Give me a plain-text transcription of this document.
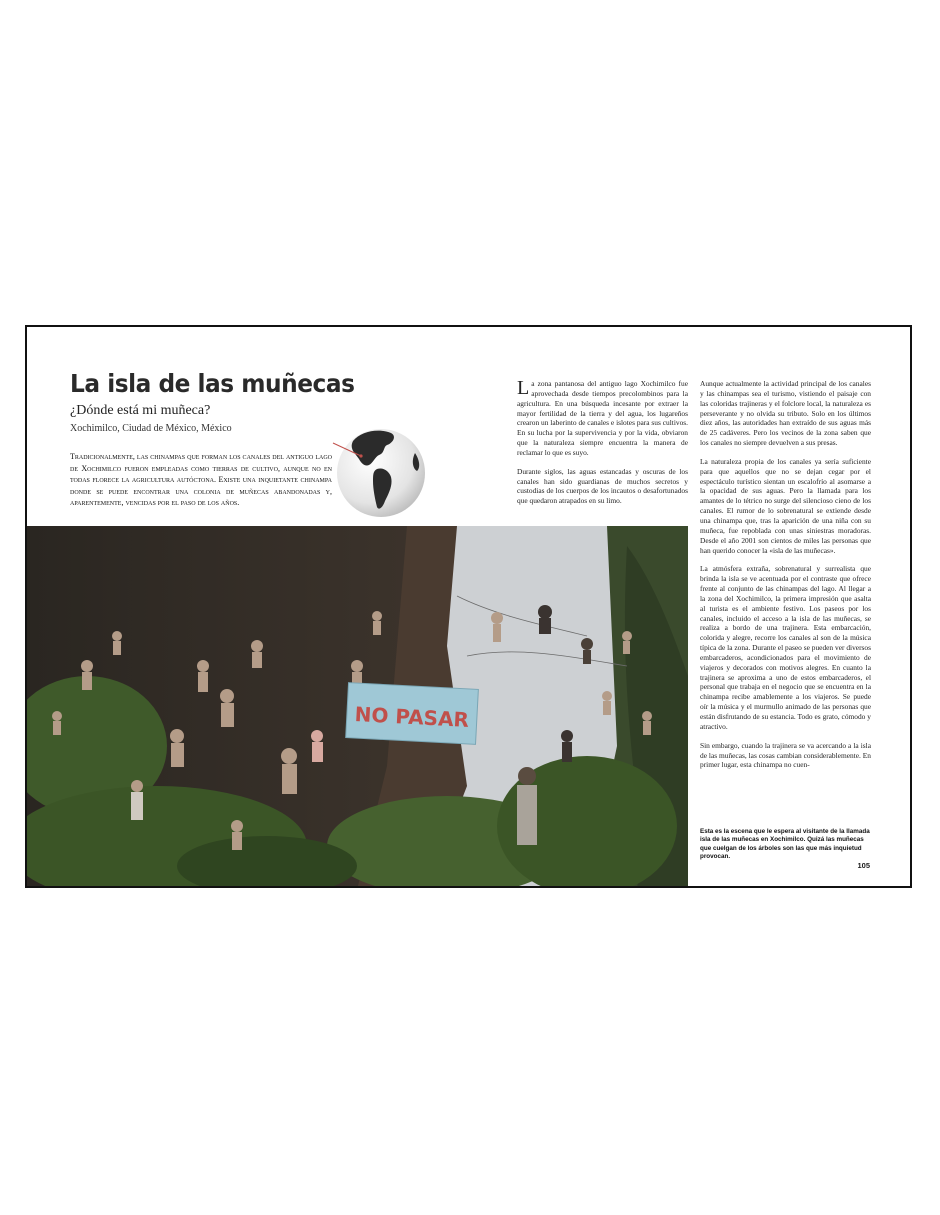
La isla de las muñecas
¿Dónde está mi muñeca?
Xochimilco, Ciudad de México, México

Tradicionalmente, las chinampas que forman los canales del antiguo lago de Xochimilco fueron empleadas como tierras de cultivo, aunque no en todas florece la agricultura autóctona. Existe una inquietante chinampa donde se puede encontrar una colonia de muñecas abandonadas y, aparentemente, vencidas por el paso de los años.

La zona pantanosa del antiguo lago Xochimilco fue aprovechada desde tiempos precolombinos para la agricultura. En una búsqueda incesante por extraer la mayor fertilidad de la tierra y del agua, los lugareños crearon un laberinto de canales e islotes para sus cultivos. En su lucha por la supervivencia y por la vida, obviaron que la naturaleza siempre encuentra la manera de reclamar lo que es suyo.

Durante siglos, las aguas estancadas y oscuras de los canales han sido guardianas de muchos secretos y custodias de los cuerpos de los incautos o desafortunados que quedaron atrapados en su limo.

Aunque actualmente la actividad principal de los canales y las chinampas sea el turismo, vistiendo el paisaje con las coloridas trajineras y el folclore local, la naturaleza es perseverante y no olvida su tributo. Solo en los últimos diez años, las autoridades han extraído de sus aguas más de 25 cadáveres. Pero los vecinos de la zona saben que los canales no siempre devuelven a sus presas.

La naturaleza propia de los canales ya sería suficiente para que aquellos que no se dejan cegar por el espectáculo turístico sientan un escalofrío al asomarse a la opacidad de sus aguas. Pero la llamada para los amantes de lo tétrico no surge del silencioso cieno de los canales. El rumor de lo sobrenatural se extiende desde una chinampa que, tras la aparición de una niña con su muñeca, fue repoblada con unas siniestras moradoras. Desde el año 2001 son cientos de miles las personas que han querido conocer la «isla de las muñecas».

La atmósfera extraña, sobrenatural y surrealista que brinda la isla se ve acentuada por el contraste que ofrece frente al conjunto de las chinampas del lago. Al llegar a la zona del Xochimilco, la primera impresión que asalta al turista es el ambiente festivo. Los paseos por los canales, incluido el acceso a la isla de las muñecas, se realiza a bordo de una trajinera. Esta embarcación, colorida y alegre, recorre los canales al son de la música típica de la zona. Durante el paseo se pueden ver diversos embarcaderos, acondicionados para el movimiento de viajeros y decorados con motivos alegres. En cuanto la trajinera se aproxima a uno de estos embarcaderos, el personal que trabaja en el negocio que se encuentra en la chinampa recibe amablemente a los viajeros. Se puede oír la música y el murmullo animado de las personas que están disfrutando de su estancia. Todo es grato, cómodo y atractivo.

Sin embargo, cuando la trajinera se va acercando a la isla de las muñecas, las cosas cambian considerablemente. En primer lugar, esta chinampa no cuen-

NO PASAR
Esta es la escena que le espera al visitante de la llamada isla de las muñecas en Xochimilco. Quizá las muñecas que cuelgan de los árboles son las que más inquietud provocan.
105
